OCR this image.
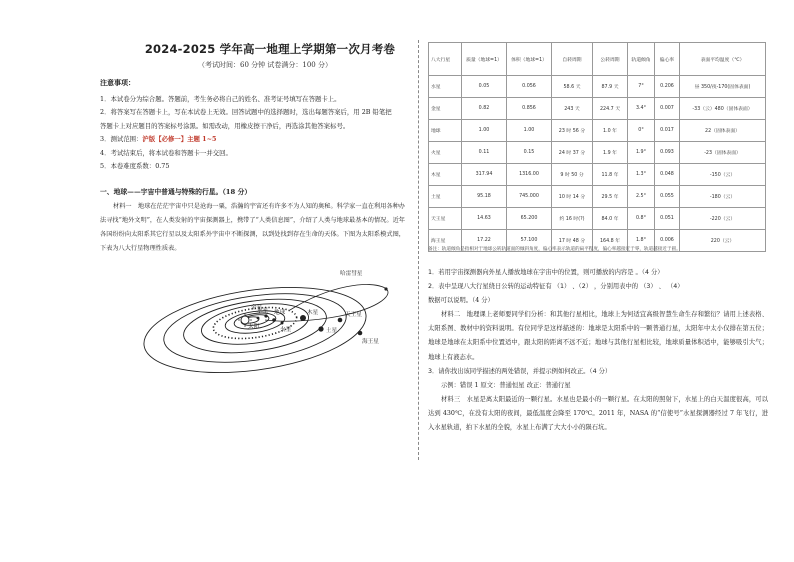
2024-2025 学年高一地理上学期第一次月考卷
（考试时间：60 分钟 试卷满分：100 分）
注意事项：
1．本试卷分为综合题。答题前，考生务必将自己的姓名、准考证号填写在答题卡上。
2．将答案写在答题卡上，写在本试卷上无效。回答试题中的选择题时，选出每题答案后，用 2B 铅笔把
答题卡上对应题目的答案标号涂黑。如需改动，用橡皮擦干净后，再选涂其他答案标号。
3．测试范围：沪版【必修一】主题 1~5
4．考试结束后，将本试卷和答题卡一并交回。
5．本卷难度系数：0.75
一、地球——宇宙中普通与特殊的行星。（18 分）
材料一　地球在茫茫宇宙中只是沧海一粟，浩瀚的宇宙还有许多不为人知的奥秘。科学家一直在利用各种办法寻找“地外文明”，在人类发射的宇宙探测器上，携带了“人类信息图”，介绍了人类与地球最基本的情况。近年各国纷纷向太阳系其它行星以及太阳系外宇宙中不断探测，以到处找到存在生命的天体。下图为太阳系模式图，下表为八大行星物理性质表。
哈雷彗星
太阳
水星
海王星
天王星
土星
木星
地球
火星
金星
八大行星	质量（地球=1）	体积（地球=1）	自转周期	公转周期	轨道倾角	偏心率	表面平均温度（℃）
水星	0.05	0.056	58.6 天	87.9 天	7°	0.206	昼 350/夜-170(固体表面)
金星	0.82	0.856	243 天	224.7 天	3.4°	0.007	-33（云）480（固体表面）
地球	1.00	1.00	23 时 56 分	1.0 年	0°	0.017	22（固体表面）
火星	0.11	0.15	24 时 37 分	1.9 年	1.9°	0.093	-23（固体表面）
木星	317.94	1316.00	9 时 50 分	11.8 年	1.3°	0.048	-150（云）
土星	95.18	745.000	10 时 14 分	29.5 年	2.5°	0.055	-180（云）
天王星	14.63	65.200	约 16 时(?)	84.0 年	0.8°	0.051	-220（云）
海王星	17.22	57.100	17 时 48 分	164.8 年	1.8°	0.006	220（云）
备注：轨道倾角是指相对于地球公转轨道面的倾斜角度，偏心率表示轨道的扁平程度，偏心率越接近于零，轨道越接近于圆。
1．若用宇宙探测器向外星人播放地球在宇宙中的位置，则可播放的内容是 。（4 分）
2．表中呈现八大行星绕日公转的运动特征有 （1） 、（2） ，分别用表中的 （3） 、 （4）
数据可以说明。（4 分）
材料二　地理课上老师要同学们分析：和其他行星相比，地球上为何适宜高级智慧生命生存和繁衍？请用上述表格、太阳系图、教材中的资料说明。有位同学是这样描述的：地球是太阳系中的一颗普通行星，太阳年中太小仅排在第五位；地球是地球在太阳系中位置适中，跟太阳的距离不远不近；地球与其他行星相比较，地球质量体积适中，能够吸引大气；地球上有液态水。
3．请你找出该同学描述的两处错误，并提示例如何改正。（4 分）
示例：错误 1 原文：普通恒星 改正：普通行星
材料三　水星是离太阳最近的一颗行星。水星也是最小的一颗行星。在太阳的照射下，水星上的白天温度很高，可以达到 430℃，在没有太阳的夜间，最低温度会降至 170℃。2011 年，NASA 的“信使号”水星探测器经过 7 年飞行，进入水星轨道，拍下水星的全貌，水星上布满了大大小小的陨石坑。
